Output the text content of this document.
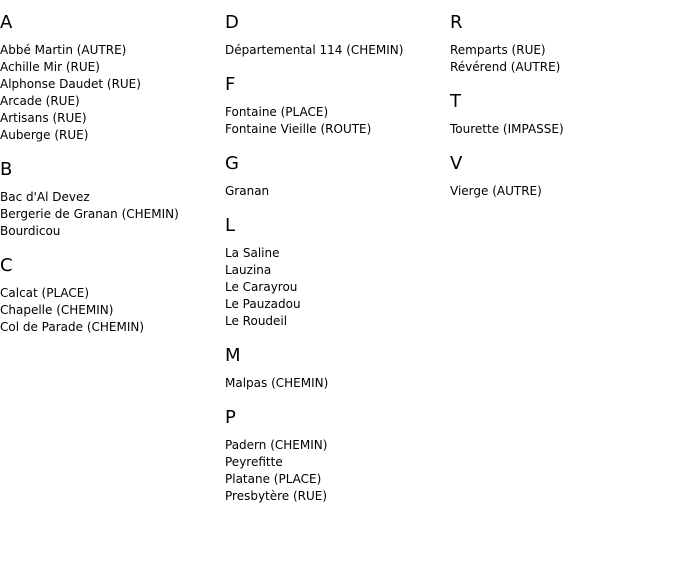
A
Abbé Martin (AUTRE)
Achille Mir (RUE)
Alphonse Daudet (RUE)
Arcade (RUE)
Artisans (RUE)
Auberge (RUE)
B
Bac d'Al Devez
Bergerie de Granan (CHEMIN)
Bourdicou
C
Calcat (PLACE)
Chapelle (CHEMIN)
Col de Parade (CHEMIN)
D
Départemental 114 (CHEMIN)
F
Fontaine (PLACE)
Fontaine Vieille (ROUTE)
G
Granan
L
La Saline
Lauzina
Le Carayrou
Le Pauzadou
Le Roudeil
M
Malpas (CHEMIN)
P
Padern (CHEMIN)
Peyrefitte
Platane (PLACE)
Presbytère (RUE)
R
Remparts (RUE)
Révérend (AUTRE)
T
Tourette (IMPASSE)
V
Vierge (AUTRE)
